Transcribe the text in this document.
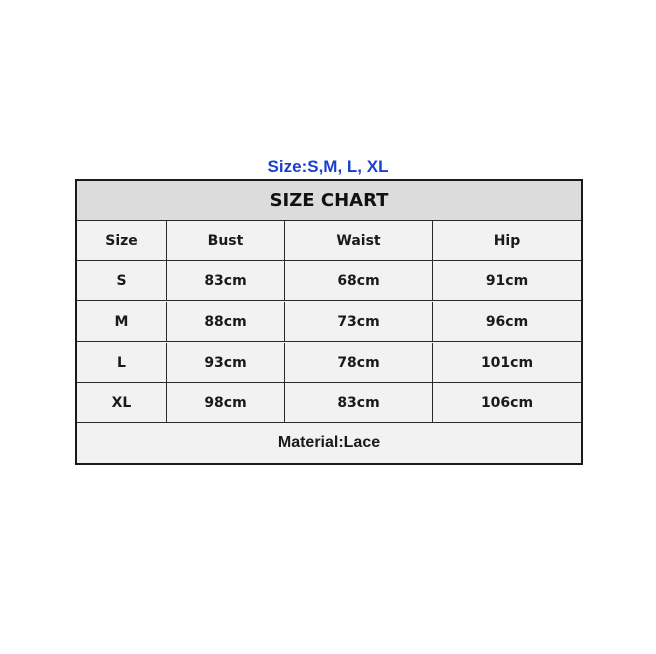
Size:S,M, L, XL
SIZE CHART
Size	Bust	Waist	Hip
S	83cm	68cm	91cm
M	88cm	73cm	96cm
L	93cm	78cm	101cm
XL	98cm	83cm	106cm
Material:Lace
